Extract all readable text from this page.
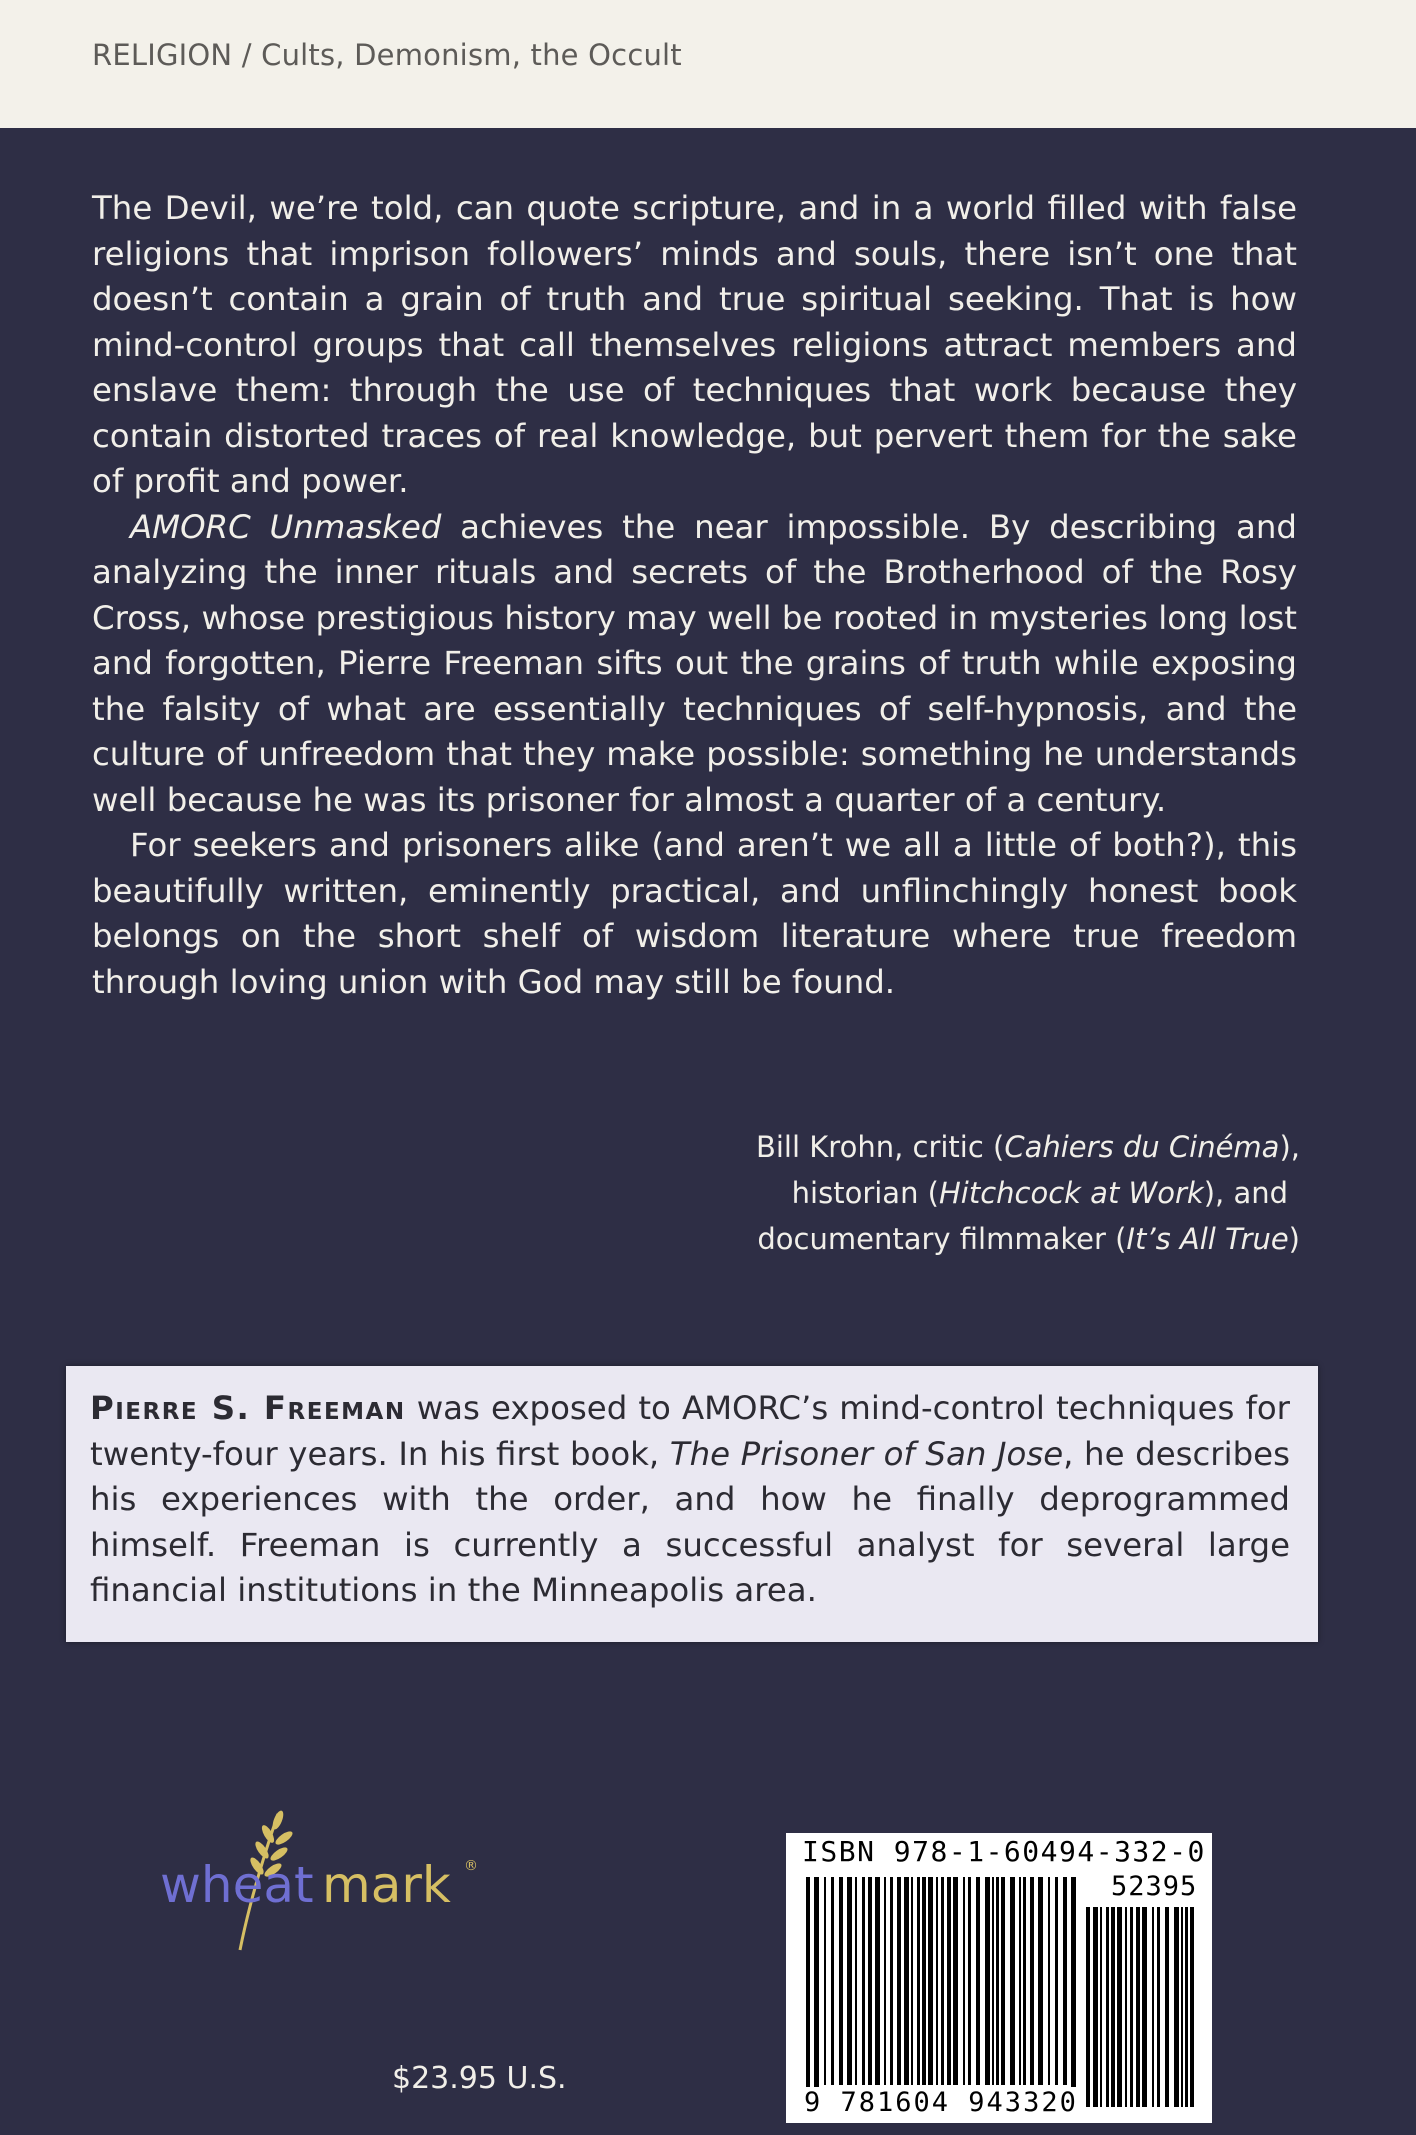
RELIGION / Cults, Demonism, the Occult

The Devil, we’re told, can quote scripture, and in a world filled with false religions that imprison followers’ minds and souls, there isn’t one that doesn’t contain a grain of truth and true spiritual seeking. That is how mind-control groups that call themselves religions attract members and enslave them: through the use of techniques that work because they contain distorted traces of real knowledge, but pervert them for the sake of profit and power.

AMORC Unmasked achieves the near impossible. By describing and analyzing the inner rituals and secrets of the Brotherhood of the Rosy Cross, whose prestigious history may well be rooted in mysteries long lost and forgotten, Pierre Freeman sifts out the grains of truth while exposing the falsity of what are essentially techniques of self-hypnosis, and the culture of unfreedom that they make possible: something he understands well because he was its prisoner for almost a quarter of a century.

For seekers and prisoners alike (and aren’t we all a little of both?), this beautifully written, eminently practical, and unflinchingly honest book belongs on the short shelf of wisdom literature where true freedom through loving union with God may still be found.

Bill Krohn, critic (Cahiers du Cinéma),
historian (Hitchcock at Work), and
documentary filmmaker (It’s All True)
Pierre S. Freeman was exposed to AMORC’s mind-control techniques for twenty-four years. In his first book, The Prisoner of San Jose, he describes his experiences with the order, and how he finally deprogrammed himself. Freeman is currently a successful analyst for several large financial institutions in the Minneapolis area.
wheat mark ®
$23.95 U.S.
ISBN 978-1-60494-332-0
52395
9 781604 943320
